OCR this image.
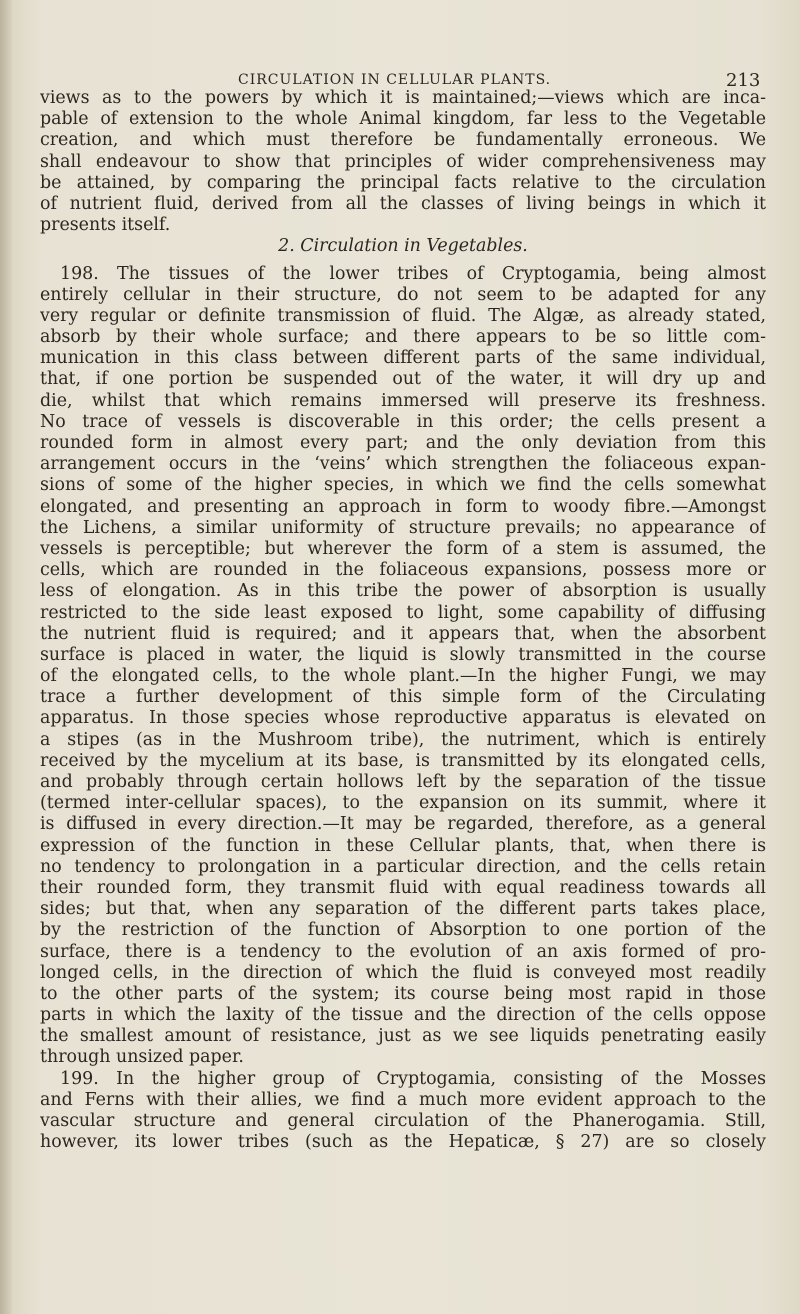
CIRCULATION IN CELLULAR PLANTS.	213
views as to the powers by which it is maintained;—views which are inca-
pable of extension to the whole Animal kingdom, far less to the Vegetable
creation, and which must therefore be fundamentally erroneous. We
shall endeavour to show that principles of wider comprehensiveness may
be attained, by comparing the principal facts relative to the circulation
of nutrient fluid, derived from all the classes of living beings in which it
presents itself.
2. Circulation in Vegetables.
198. The tissues of the lower tribes of Cryptogamia, being almost
entirely cellular in their structure, do not seem to be adapted for any
very regular or definite transmission of fluid. The Algæ, as already stated,
absorb by their whole surface; and there appears to be so little com-
munication in this class between different parts of the same individual,
that, if one portion be suspended out of the water, it will dry up and
die, whilst that which remains immersed will preserve its freshness.
No trace of vessels is discoverable in this order; the cells present a
rounded form in almost every part; and the only deviation from this
arrangement occurs in the ‘veins’ which strengthen the foliaceous expan-
sions of some of the higher species, in which we find the cells somewhat
elongated, and presenting an approach in form to woody fibre.—Amongst
the Lichens, a similar uniformity of structure prevails; no appearance of
vessels is perceptible; but wherever the form of a stem is assumed, the
cells, which are rounded in the foliaceous expansions, possess more or
less of elongation. As in this tribe the power of absorption is usually
restricted to the side least exposed to light, some capability of diffusing
the nutrient fluid is required; and it appears that, when the absorbent
surface is placed in water, the liquid is slowly transmitted in the course
of the elongated cells, to the whole plant.—In the higher Fungi, we may
trace a further development of this simple form of the Circulating
apparatus. In those species whose reproductive apparatus is elevated on
a stipes (as in the Mushroom tribe), the nutriment, which is entirely
received by the mycelium at its base, is transmitted by its elongated cells,
and probably through certain hollows left by the separation of the tissue
(termed inter-cellular spaces), to the expansion on its summit, where it
is diffused in every direction.—It may be regarded, therefore, as a general
expression of the function in these Cellular plants, that, when there is
no tendency to prolongation in a particular direction, and the cells retain
their rounded form, they transmit fluid with equal readiness towards all
sides; but that, when any separation of the different parts takes place,
by the restriction of the function of Absorption to one portion of the
surface, there is a tendency to the evolution of an axis formed of pro-
longed cells, in the direction of which the fluid is conveyed most readily
to the other parts of the system; its course being most rapid in those
parts in which the laxity of the tissue and the direction of the cells oppose
the smallest amount of resistance, just as we see liquids penetrating easily
through unsized paper.
199. In the higher group of Cryptogamia, consisting of the Mosses
and Ferns with their allies, we find a much more evident approach to the
vascular structure and general circulation of the Phanerogamia. Still,
however, its lower tribes (such as the Hepaticæ, § 27) are so closely
